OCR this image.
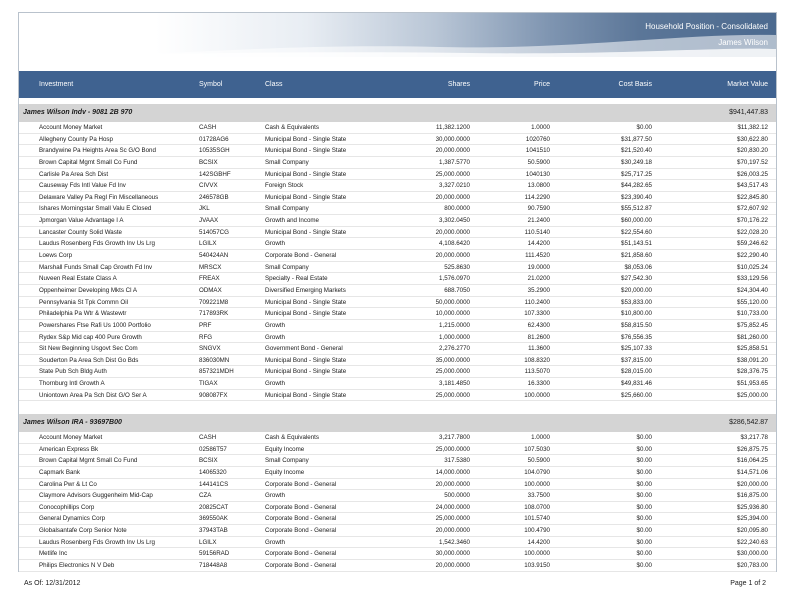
Household Position - Consolidated
James Wilson
Investment	Symbol	Class	Shares	Price	Cost Basis	Market Value
James Wilson Indv - 9081 2B 970	$941,447.83
Account Money Market	CASH	Cash & Equivalents	11,382.1200	1.0000	$0.00	$11,382.12
Allegheny County Pa Hosp	01728AG6	Municipal Bond - Single State	30,000.0000	1020760	$31,877.50	$30,622.80
Brandywine Pa Heights Area Sc G/O Bond	10535SGH	Municipal Bond - Single State	20,000.0000	1041510	$21,520.40	$20,830.20
Brown Capital Mgmt Small Co Fund	BCSIX	Small Company	1,387.5770	50.5900	$30,249.18	$70,197.52
Carlisle Pa Area Sch Dist	142SGBHF	Municipal Bond - Single State	25,000.0000	1040130	$25,717.25	$26,003.25
Causeway Fds Intl Value Fd Inv	CIVVX	Foreign Stock	3,327.0210	13.0800	$44,282.65	$43,517.43
Delaware Valley Pa Regl Fin Miscellaneous	246578GB	Municipal Bond - Single State	20,000.0000	114.2290	$23,390.40	$22,845.80
Ishares Morningstar Small Valu E Closed	JKL	Small Company	800.0000	90.7590	$55,512.87	$72,607.92
Jpmorgan Value Advantage I A	JVAAX	Growth and Income	3,302.0450	21.2400	$60,000.00	$70,176.22
Lancaster County Solid Waste	514057CG	Municipal Bond - Single State	20,000.0000	110.5140	$22,554.60	$22,028.20
Laudus Rosenberg Fds Growth Inv Us Lrg	LGILX	Growth	4,108.6420	14.4200	$51,143.51	$59,246.62
Loews Corp	540424AN	Corporate Bond - General	20,000.0000	111.4520	$21,858.60	$22,290.40
Marshall Funds Small Cap Growth Fd Inv	MRSCX	Small Company	525.8630	19.0000	$8,053.06	$10,025.24
Nuveen Real Estate Class A	FREAX	Specialty - Real Estate	1,576.0970	21.0200	$27,542.30	$33,129.56
Oppenheimer Developing Mkts Cl A	ODMAX	Diversified Emerging Markets	688.7050	35.2900	$20,000.00	$24,304.40
Pennsylvania St Tpk Commn Oil	709221M8	Municipal Bond - Single State	50,000.0000	110.2400	$53,833.00	$55,120.00
Philadelphia Pa Wtr & Wastewtr	717893RK	Municipal Bond - Single State	10,000.0000	107.3300	$10,800.00	$10,733.00
Powershares Ftse Rafi Us 1000 Portfolio	PRF	Growth	1,215.0000	62.4300	$58,815.50	$75,852.45
Rydex S&p Mid cap 400 Pure Growth	RFG	Growth	1,000.0000	81.2600	$76,556.35	$81,260.00
Sit New Beginning Usgovt Sec Com	SNGVX	Government Bond - General	2,276.2770	11.3600	$25,107.33	$25,858.51
Souderton Pa Area Sch Dist Go Bds	836030MN	Municipal Bond - Single State	35,000.0000	108.8320	$37,815.00	$38,091.20
State Pub Sch Bldg Auth	857321MDH	Municipal Bond - Single State	25,000.0000	113.5070	$28,015.00	$28,376.75
Thornburg Intl Growth A	TIGAX	Growth	3,181.4850	16.3300	$49,831.46	$51,953.65
Uniontown Area Pa Sch Dist G/O Ser A	908087FX	Municipal Bond - Single State	25,000.0000	100.0000	$25,660.00	$25,000.00
James Wilson IRA - 93697B00	$286,542.87
Account Money Market	CASH	Cash & Equivalents	3,217.7800	1.0000	$0.00	$3,217.78
American Express Bk	02586T57	Equity Income	25,000.0000	107.5030	$0.00	$26,875.75
Brown Capital Mgmt Small Co Fund	BCSIX	Small Company	317.5380	50.5900	$0.00	$16,064.25
Capmark Bank	14065320	Equity Income	14,000.0000	104.0790	$0.00	$14,571.06
Carolina Pwr & Lt Co	144141CS	Corporate Bond - General	20,000.0000	100.0000	$0.00	$20,000.00
Claymore Advisors Guggenheim Mid-Cap	CZA	Growth	500.0000	33.7500	$0.00	$16,875.00
Conocophillips Corp	20825CAT	Corporate Bond - General	24,000.0000	108.0700	$0.00	$25,936.80
General Dynamics Corp	369550AK	Corporate Bond - General	25,000.0000	101.5740	$0.00	$25,394.00
Globalsantafe Corp Senior Note	37943TAB	Corporate Bond - General	20,000.0000	100.4790	$0.00	$20,095.80
Laudus Rosenberg Fds Growth Inv Us Lrg	LGILX	Growth	1,542.3460	14.4200	$0.00	$22,240.63
Metlife Inc	59156RAD	Corporate Bond - General	30,000.0000	100.0000	$0.00	$30,000.00
Philips Electronics N V Deb	718448A8	Corporate Bond - General	20,000.0000	103.9150	$0.00	$20,783.00
As Of: 12/31/2012	Page 1 of 2
